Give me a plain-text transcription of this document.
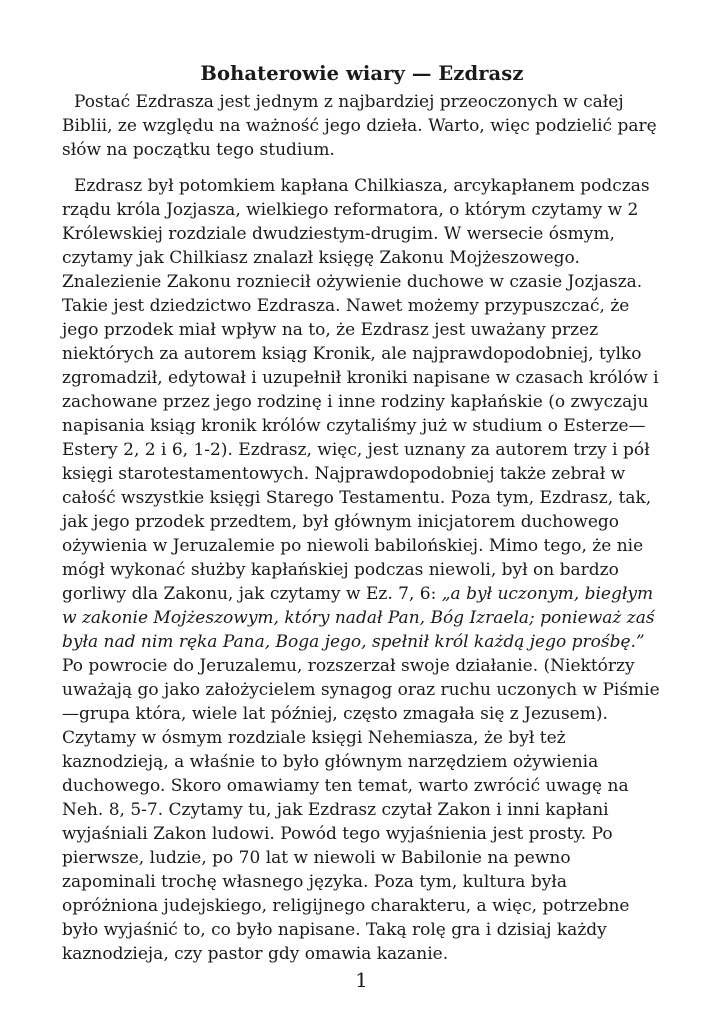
Bohaterowie wiary — Ezdrasz

Postać Ezdrasza jest jednym z najbardziej przeoczonych w całej Biblii, ze względu na ważność jego dzieła. Warto, więc podzielić parę słów na początku tego studium.

Ezdrasz był potomkiem kapłana Chilkiasza, arcykapłanem podczas rządu króla Jozjasza, wielkiego reformatora, o którym czytamy w 2 Królewskiej rozdziale dwudziestym-drugim. W wersecie ósmym, czytamy jak Chilkiasz znalazł księgę Zakonu Mojżeszowego. Znalezienie Zakonu rozniecił ożywienie duchowe w czasie Jozjasza. Takie jest dziedzictwo Ezdrasza. Nawet możemy przypuszczać, że jego przodek miał wpływ na to, że Ezdrasz jest uważany przez niektórych za autorem ksiąg Kronik, ale najprawdopodobniej, tylko zgromadził, edytował i uzupełnił kroniki napisane w czasach królów i zachowane przez jego rodzinę i inne rodziny kapłańskie (o zwyczaju napisania ksiąg kronik królów czytaliśmy już w studium o Esterze—Estery 2, 2 i 6, 1-2). Ezdrasz, więc, jest uznany za autorem trzy i pół księgi starotestamentowych. Najprawdopodobniej także zebrał w całość wszystkie księgi Starego Testamentu. Poza tym, Ezdrasz, tak, jak jego przodek przedtem, był głównym inicjatorem duchowego ożywienia w Jeruzalemie po niewoli babilońskiej. Mimo tego, że nie mógł wykonać służby kapłańskiej podczas niewoli, był on bardzo gorliwy dla Zakonu, jak czytamy w Ez. 7, 6: „a był uczonym, biegłym w zakonie Mojżeszowym, który nadał Pan, Bóg Izraela; ponieważ zaś była nad nim ręka Pana, Boga jego, spełnił król każdą jego prośbę.” Po powrocie do Jeruzalemu, rozszerzał swoje działanie. (Niektórzy uważają go jako założycielem synagog oraz ruchu uczonych w Piśmie—grupa która, wiele lat później, często zmagała się z Jezusem). Czytamy w ósmym rozdziale księgi Nehemiasza, że był też kaznodzieją, a właśnie to było głównym narzędziem ożywienia duchowego. Skoro omawiamy ten temat, warto zwrócić uwagę na Neh. 8, 5-7. Czytamy tu, jak Ezdrasz czytał Zakon i inni kapłani wyjaśniali Zakon ludowi. Powód tego wyjaśnienia jest prosty. Po pierwsze, ludzie, po 70 lat w niewoli w Babilonie na pewno zapominali trochę własnego języka. Poza tym, kultura była opróżniona judejskiego, religijnego charakteru, a więc, potrzebne było wyjaśnić to, co było napisane. Taką rolę gra i dzisiaj każdy kaznodzieja, czy pastor gdy omawia kazanie.

1
